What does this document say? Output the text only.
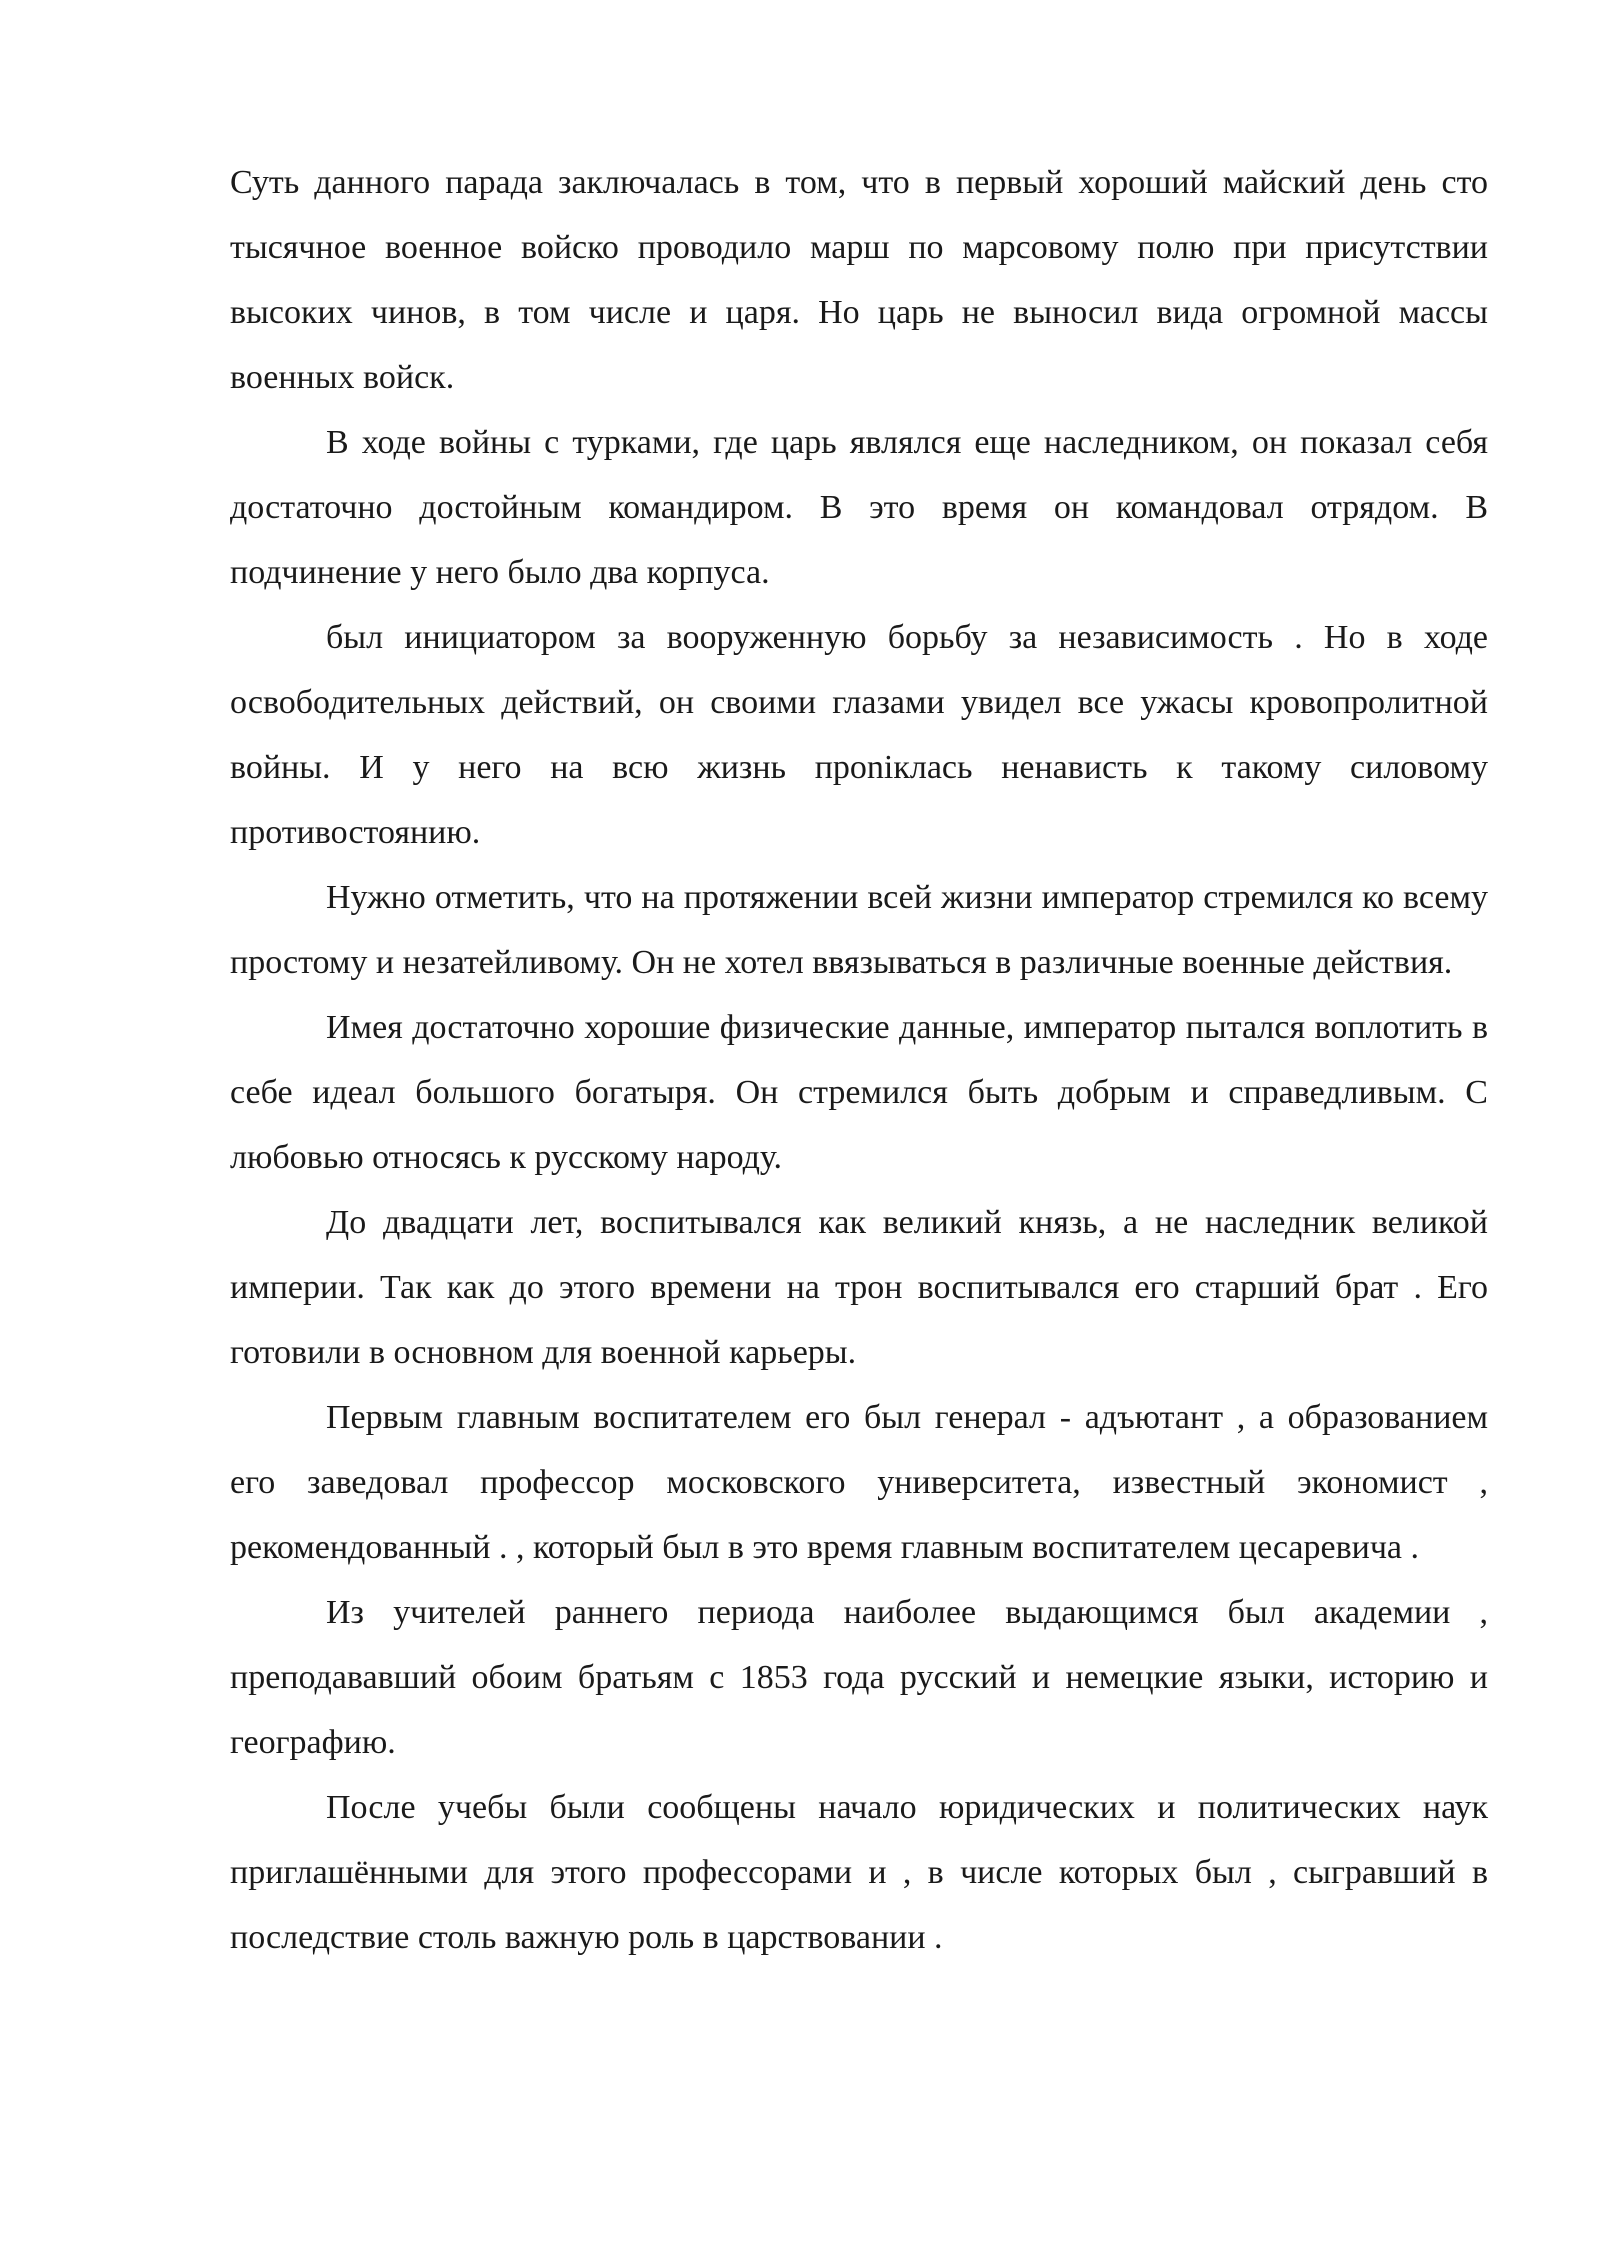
Суть данного парада заключалась в том, что в первый хороший майский день сто тысячное военное войско проводило марш по марсовому полю при присутствии высоких чинов, в том числе и царя. Но царь не выносил вида огромной массы военных войск.

В ходе войны с турками, где царь являлся еще наследником, он показал себя достаточно достойным командиром. В это время он командовал отрядом. В подчинение у него было два корпуса.

был инициатором за вооруженную борьбу за независимость . Но в ходе освободительных действий, он своими глазами увидел все ужасы кровопролитной войны. И у него на всю жизнь проniклась ненависть к такому силовому противостоянию.

Нужно отметить, что на протяжении всей жизни император стремился ко всему простому и незатейливому. Он не хотел ввязываться в различные военные действия.

Имея достаточно хорошие физические данные, император пытался воплотить в себе идеал большого богатыря. Он стремился быть добрым и справедливым. С любовью относясь к русскому народу.

До двадцати лет, воспитывался как великий князь, а не наследник великой империи. Так как до этого времени на трон воспитывался его старший брат . Его готовили в основном для военной карьеры.

Первым главным воспитателем его был генерал - адъютант , а образованием его заведовал профессор московского университета, известный экономист , рекомендованный . , который был в это время главным воспитателем цесаревича .

Из учителей раннего периода наиболее выдающимся был академии , преподававший обоим братьям с 1853 года русский и немецкие языки, историю и географию.

После учебы были сообщены начало юридических и политических наук приглашёнными для этого профессорами и , в числе которых был , сыгравший в последствие столь важную роль в царствовании .
